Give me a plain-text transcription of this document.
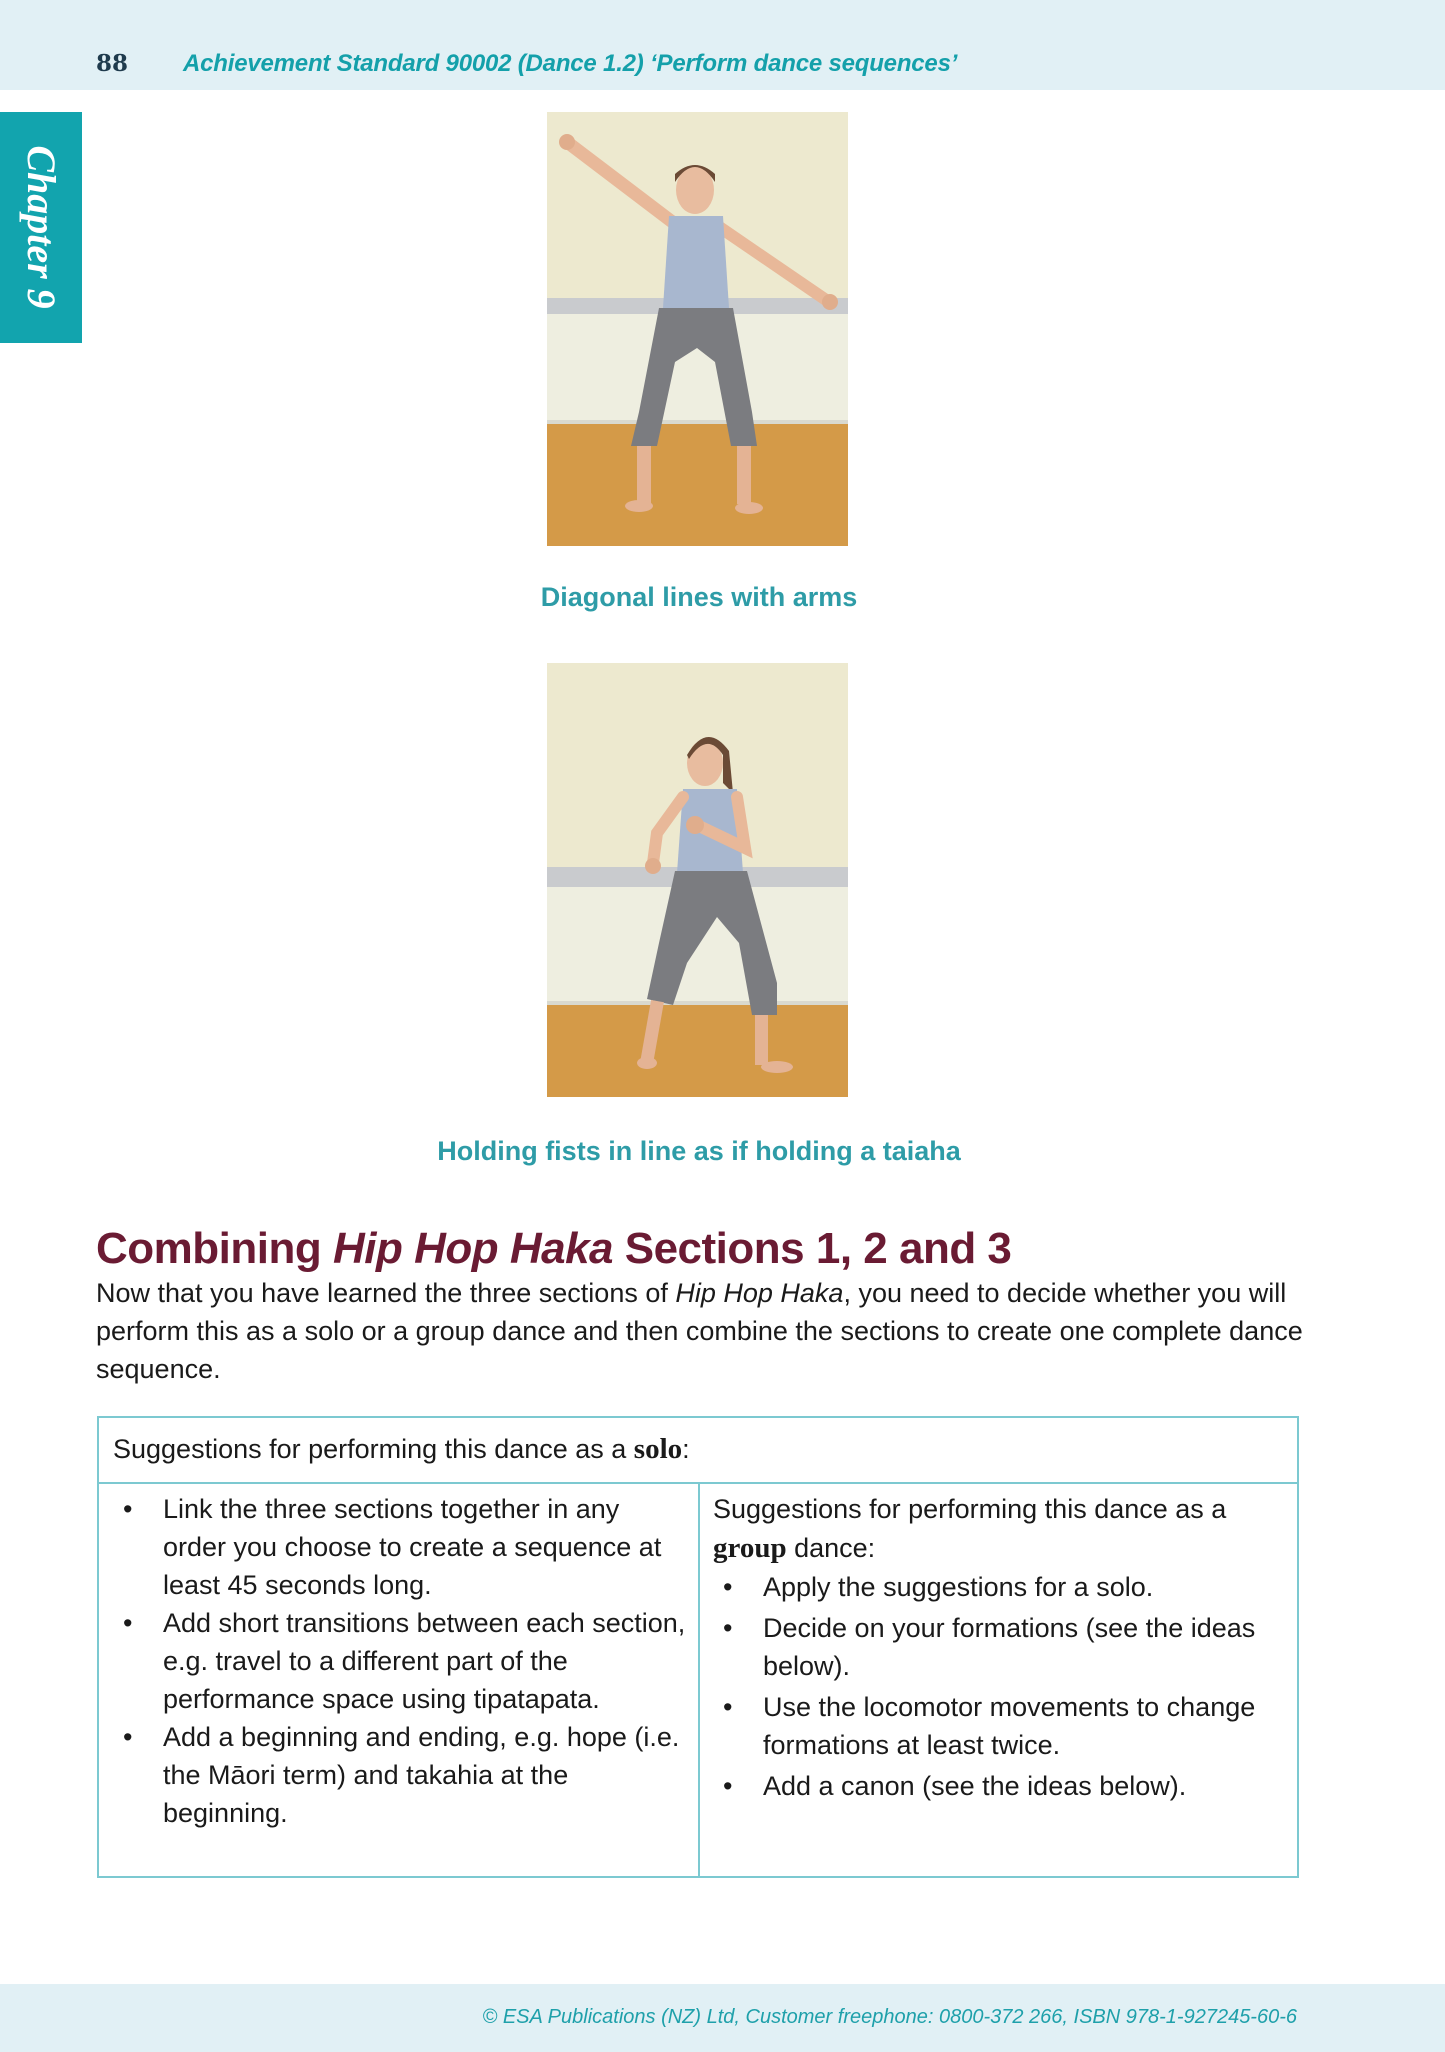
88 Achievement Standard 90002 (Dance 1.2) ‘Perform dance sequences’
Chapter 9
Diagonal lines with arms
Holding fists in line as if holding a taiaha
Combining Hip Hop Haka Sections 1, 2 and 3

Now that you have learned the three sections of Hip Hop Haka, you need to decide whether you will perform this as a solo or a group dance and then combine the sections to create one complete dance sequence.

Suggestions for performing this dance as a solo:
• Link the three sections together in any order you choose to create a sequence at least 45 seconds long.
• Add short transitions between each section, e.g. travel to a different part of the performance space using tipatapata.
• Add a beginning and ending, e.g. hope (i.e. the Māori term) and takahia at the beginning.
Suggestions for performing this dance as a group dance:
• Apply the suggestions for a solo.
• Decide on your formations (see the ideas below).
• Use the locomotor movements to change formations at least twice.
• Add a canon (see the ideas below).
© ESA Publications (NZ) Ltd, Customer freephone: 0800-372 266, ISBN 978-1-927245-60-6
